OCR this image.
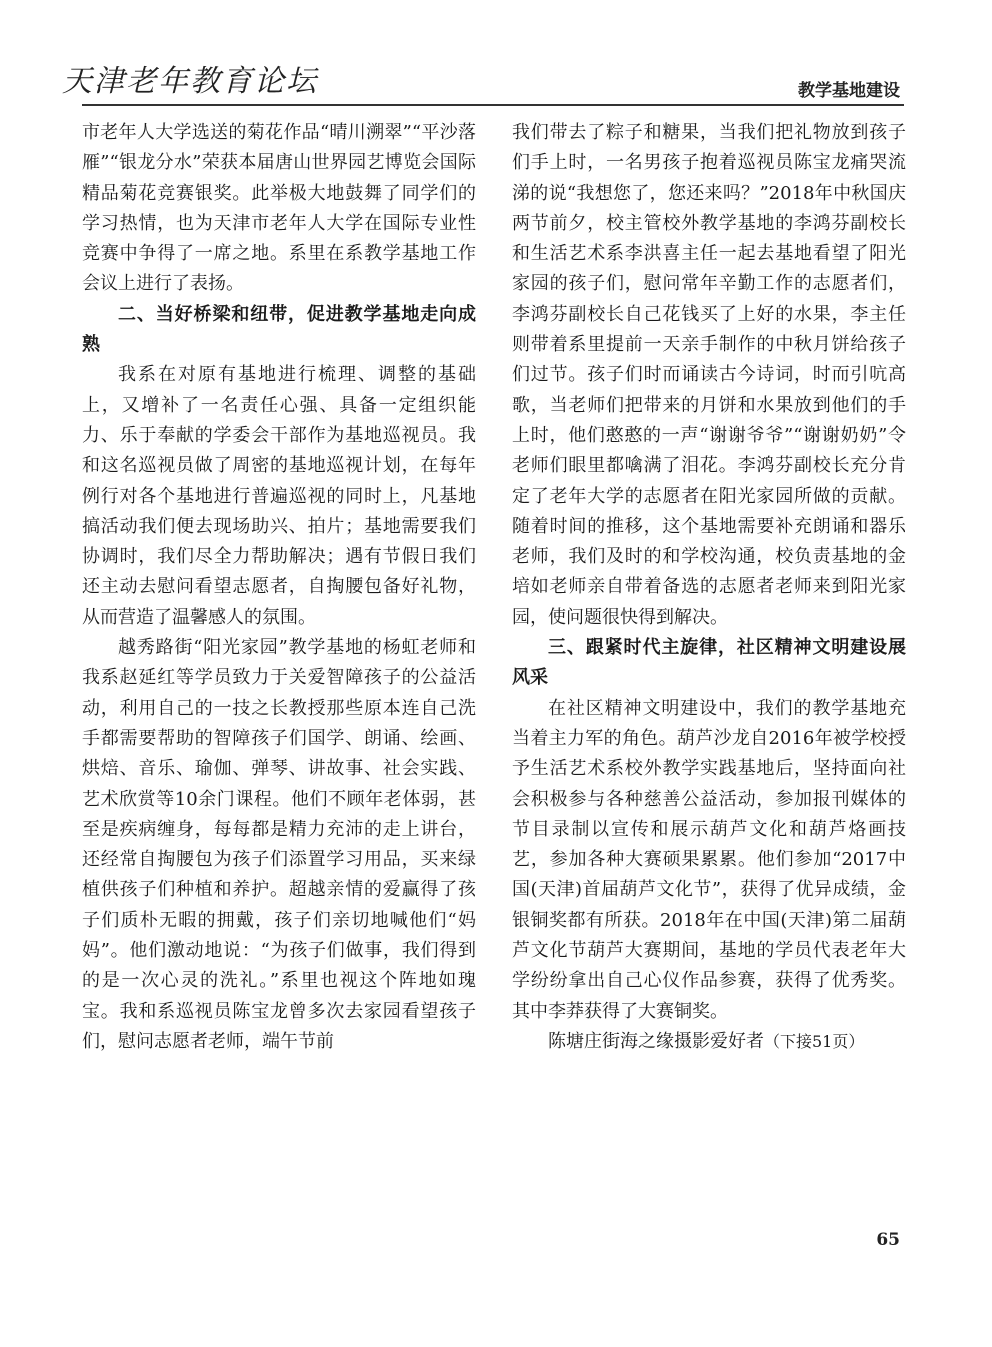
天津老年教育论坛	教学基地建设

市老年人大学选送的菊花作品“晴川溯翠”“平沙落雁”“银龙分水”荣获本届唐山世界园艺博览会国际精品菊花竞赛银奖。此举极大地鼓舞了同学们的学习热情，也为天津市老年人大学在国际专业性竞赛中争得了一席之地。系里在系教学基地工作会议上进行了表扬。

二、当好桥梁和纽带，促进教学基地走向成熟

我系在对原有基地进行梳理、调整的基础上，又增补了一名责任心强、具备一定组织能力、乐于奉献的学委会干部作为基地巡视员。我和这名巡视员做了周密的基地巡视计划，在每年例行对各个基地进行普遍巡视的同时上，凡基地搞活动我们便去现场助兴、拍片；基地需要我们协调时，我们尽全力帮助解决；遇有节假日我们还主动去慰问看望志愿者，自掏腰包备好礼物，从而营造了温馨感人的氛围。

越秀路街“阳光家园”教学基地的杨虹老师和我系赵延红等学员致力于关爱智障孩子的公益活动，利用自己的一技之长教授那些原本连自己洗手都需要帮助的智障孩子们国学、朗诵、绘画、烘焙、音乐、瑜伽、弹琴、讲故事、社会实践、艺术欣赏等10余门课程。他们不顾年老体弱，甚至是疾病缠身，每每都是精力充沛的走上讲台，还经常自掏腰包为孩子们添置学习用品，买来绿植供孩子们种植和养护。超越亲情的爱赢得了孩子们质朴无暇的拥戴，孩子们亲切地喊他们“妈妈”。他们激动地说：“为孩子们做事，我们得到的是一次心灵的洗礼。”系里也视这个阵地如瑰宝。我和系巡视员陈宝龙曾多次去家园看望孩子们，慰问志愿者老师，端午节前

我们带去了粽子和糖果，当我们把礼物放到孩子们手上时，一名男孩子抱着巡视员陈宝龙痛哭流涕的说“我想您了，您还来吗？”2018年中秋国庆两节前夕，校主管校外教学基地的李鸿芬副校长和生活艺术系李洪喜主任一起去基地看望了阳光家园的孩子们，慰问常年辛勤工作的志愿者们，李鸿芬副校长自己花钱买了上好的水果，李主任则带着系里提前一天亲手制作的中秋月饼给孩子们过节。孩子们时而诵读古今诗词，时而引吭高歌，当老师们把带来的月饼和水果放到他们的手上时，他们憨憨的一声“谢谢爷爷”“谢谢奶奶”令老师们眼里都噙满了泪花。李鸿芬副校长充分肯定了老年大学的志愿者在阳光家园所做的贡献。随着时间的推移，这个基地需要补充朗诵和器乐老师，我们及时的和学校沟通，校负责基地的金培如老师亲自带着备选的志愿者老师来到阳光家园，使问题很快得到解决。

三、跟紧时代主旋律，社区精神文明建设展风采

在社区精神文明建设中，我们的教学基地充当着主力军的角色。葫芦沙龙自2016年被学校授予生活艺术系校外教学实践基地后，坚持面向社会积极参与各种慈善公益活动，参加报刊媒体的节目录制以宣传和展示葫芦文化和葫芦烙画技艺，参加各种大赛硕果累累。他们参加“2017中国(天津)首届葫芦文化节”，获得了优异成绩，金银铜奖都有所获。2018年在中国(天津)第二届葫芦文化节葫芦大赛期间，基地的学员代表老年大学纷纷拿出自己心仪作品参赛，获得了优秀奖。其中李莽获得了大赛铜奖。

陈塘庄街海之缘摄影爱好者（下接51页）

65
